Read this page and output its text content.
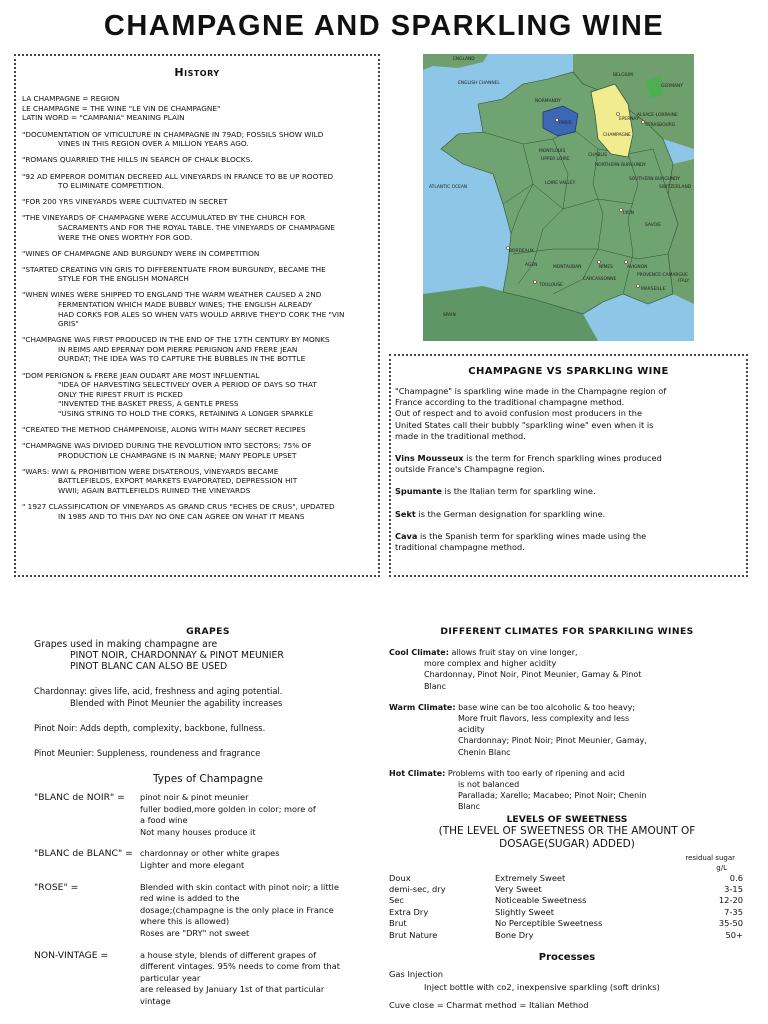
CHAMPAGNE AND SPARKLING WINE
History

LA CHAMPAGNE = REGION
LE CHAMPAGNE = THE WINE "LE VIN DE CHAMPAGNE"
LATIN WORD = "CAMPANIA" MEANING PLAIN

"DOCUMENTATION OF VITICULTURE IN CHAMPAGNE IN 79AD; FOSSILS SHOW WILD
VINES IN THIS REGION OVER A MILLION YEARS AGO.

"ROMANS QUARRIED THE HILLS IN SEARCH OF CHALK BLOCKS.

"92 AD EMPEROR DOMITIAN DECREED ALL VINEYARDS IN FRANCE TO BE UP ROOTED
TO ELIMINATE COMPETITION.

"FOR 200 YRS VINEYARDS WERE CULTIVATED IN SECRET

"THE VINEYARDS OF CHAMPAGNE WERE ACCUMULATED BY THE CHURCH FOR
SACRAMENTS AND FOR THE ROYAL TABLE. THE VINEYARDS OF CHAMPAGNE
WERE THE ONES WORTHY FOR GOD.

"WINES OF CHAMPAGNE AND BURGUNDY WERE IN COMPETITION

"STARTED CREATING VIN GRIS TO DIFFERENTUATE FROM BURGUNDY, BECAME THE
STYLE FOR THE ENGLISH MONARCH

"WHEN WINES WERE SHIPPED TO ENGLAND THE WARM WEATHER CAUSED A 2ND
FERMENTATION WHICH MADE BUBBLY WINES; THE ENGLISH ALREADY
HAD CORKS FOR ALES SO WHEN VATS WOULD ARRIVE THEY'D CORK THE "VIN
GRIS"

"CHAMPAGNE WAS FIRST PRODUCED IN THE END OF THE 17TH CENTURY BY MONKS
IN REIMS AND EPERNAY DOM PIERRE PERIGNON AND FRERE JEAN
OURDAT; THE IDEA WAS TO CAPTURE THE BUBBLES IN THE BOTTLE

"DOM PERIGNON & FRERE JEAN OUDART ARE MOST INFLUENTIAL
"IDEA OF HARVESTING SELECTIVELY OVER A PERIOD OF DAYS SO THAT
ONLY THE RIPEST FRUIT IS PICKED
"INVENTED THE BASKET PRESS, A GENTLE PRESS
"USING STRING TO HOLD THE CORKS, RETAINING A LONGER SPARKLE

"CREATED THE METHOD CHAMPENOISE, ALONG WITH MANY SECRET RECIPES

"CHAMPAGNE WAS DIVIDED DURING THE REVOLUTION INTO SECTORS: 75% OF
PRODUCTION LE CHAMPAGNE IS IN MARNE; MANY PEOPLE UPSET

"WARS: WWI & PROHIBITION WERE DISATEROUS, VINEYARDS BECAME
BATTLEFIELDS, EXPORT MARKETS EVAPORATED, DEPRESSION HIT
WWII; AGAIN BATTLEFIELDS RUINED THE VINEYARDS

" 1927 CLASSIFICATION OF VINEYARDS AS GRAND CRUS "ECHES DE CRUS", UPDATED
IN 1985 AND TO THIS DAY NO ONE CAN AGREE ON WHAT IT MEANS

ENGLAND
ENGLISH CHANNEL
BELGIUM
GERMANY
NORMANDY
PARIS
CHAMPAGNE
ALSACE-LORRAINE
STRASBOURG
EPERNAY
CHABLIS
MONTLOUIS
UPPER LOIRE
LOIRE VALLEY
NORTHERN BURGUNDY
SOUTHERN BURGUNDY
SWITZERLAND
ATLANTIC OCEAN
LYON
SAVOIE
BORDEAUX
AGEN	MONTAUBAN
TOULOUSE
CARCASSONNE
NÎMES	AVIGNON
PROVENCE-CAMARGUE
MARSEILLE
SPAIN
ITALY
CHAMPAGNE VS SPARKLING WINE

"Champagne" is sparkling wine made in the Champagne region of
France according to the traditional champagne method.
Out of respect and to avoid confusion most producers in the
United States call their bubbly "sparkling wine" even when it is
made in the traditional method.

Vins Mousseux is the term for French sparkling wines produced
outside France's Champagne region.

Spumante is the Italian term for sparkling wine.

Sekt is the German designation for sparkling wine.

Cava is the Spanish term for sparkling wines made using the
traditional champagne method.

GRAPES
Grapes used in making champagne are
PINOT NOIR, CHARDONNAY & PINOT MEUNIER
PINOT BLANC CAN ALSO BE USED
Chardonnay: gives life, acid, freshness and aging potential.
Blended with Pinot Meunier the agability increases
Pinot Noir: Adds depth, complexity, backbone, fullness.
Pinot Meunier: Suppleness, roundeness and fragrance
Types of Champagne
"BLANC de NOIR" =	pinot noir & pinot meunier
fuller bodied,more golden in color; more of
a food wine
Not many houses produce it
"BLANC de BLANC" = chardonnay or other white grapes
Lighter and more elegant
"ROSE" =	Blended with skin contact with pinot noir; a little
red wine is added to the
dosage;(champagne is the only place in France
where this is allowed)
Roses are "DRY" not sweet
NON-VINTAGE =	a house style, blends of different grapes of
different vintages. 95% needs to come from that
particular year
are released by January 1st of that particular
vintage
DIFFERENT CLIMATES FOR SPARKILING WINES
Cool Climate: allows fruit stay on vine longer,
more complex and higher acidity
Chardonnay, Pinot Noir, Pinot Meunier, Gamay & Pinot
Blanc
Warm Climate: base wine can be too alcoholic & too heavy;
More fruit flavors, less complexity and less
acidity
Chardonnay; Pinot Noir; Pinot Meunier, Gamay,
Chenin Blanc
Hot Climate: Problems with too early of ripening and acid
is not balanced
Parallada; Xarello; Macabeo; Pinot Noir; Chenin
Blanc
LEVELS OF SWEETNESS
(THE LEVEL OF SWEETNESS OR THE AMOUNT OF
DOSAGE(SUGAR) ADDED)
residual sugar
g/L
Doux	Extremely Sweet	0.6
demi-sec, dry	Very Sweet	3-15
Sec	Noticeable Sweetness	12-20
Extra Dry	Slightly Sweet	7-35
Brut	No Perceptible Sweetness	35-50
Brut Nature	Bone Dry	50+
Processes
Gas Injection
Inject bottle with co2, inexpensive sparkling (soft drinks)
Cuve close = Charmat method = Italian Method
